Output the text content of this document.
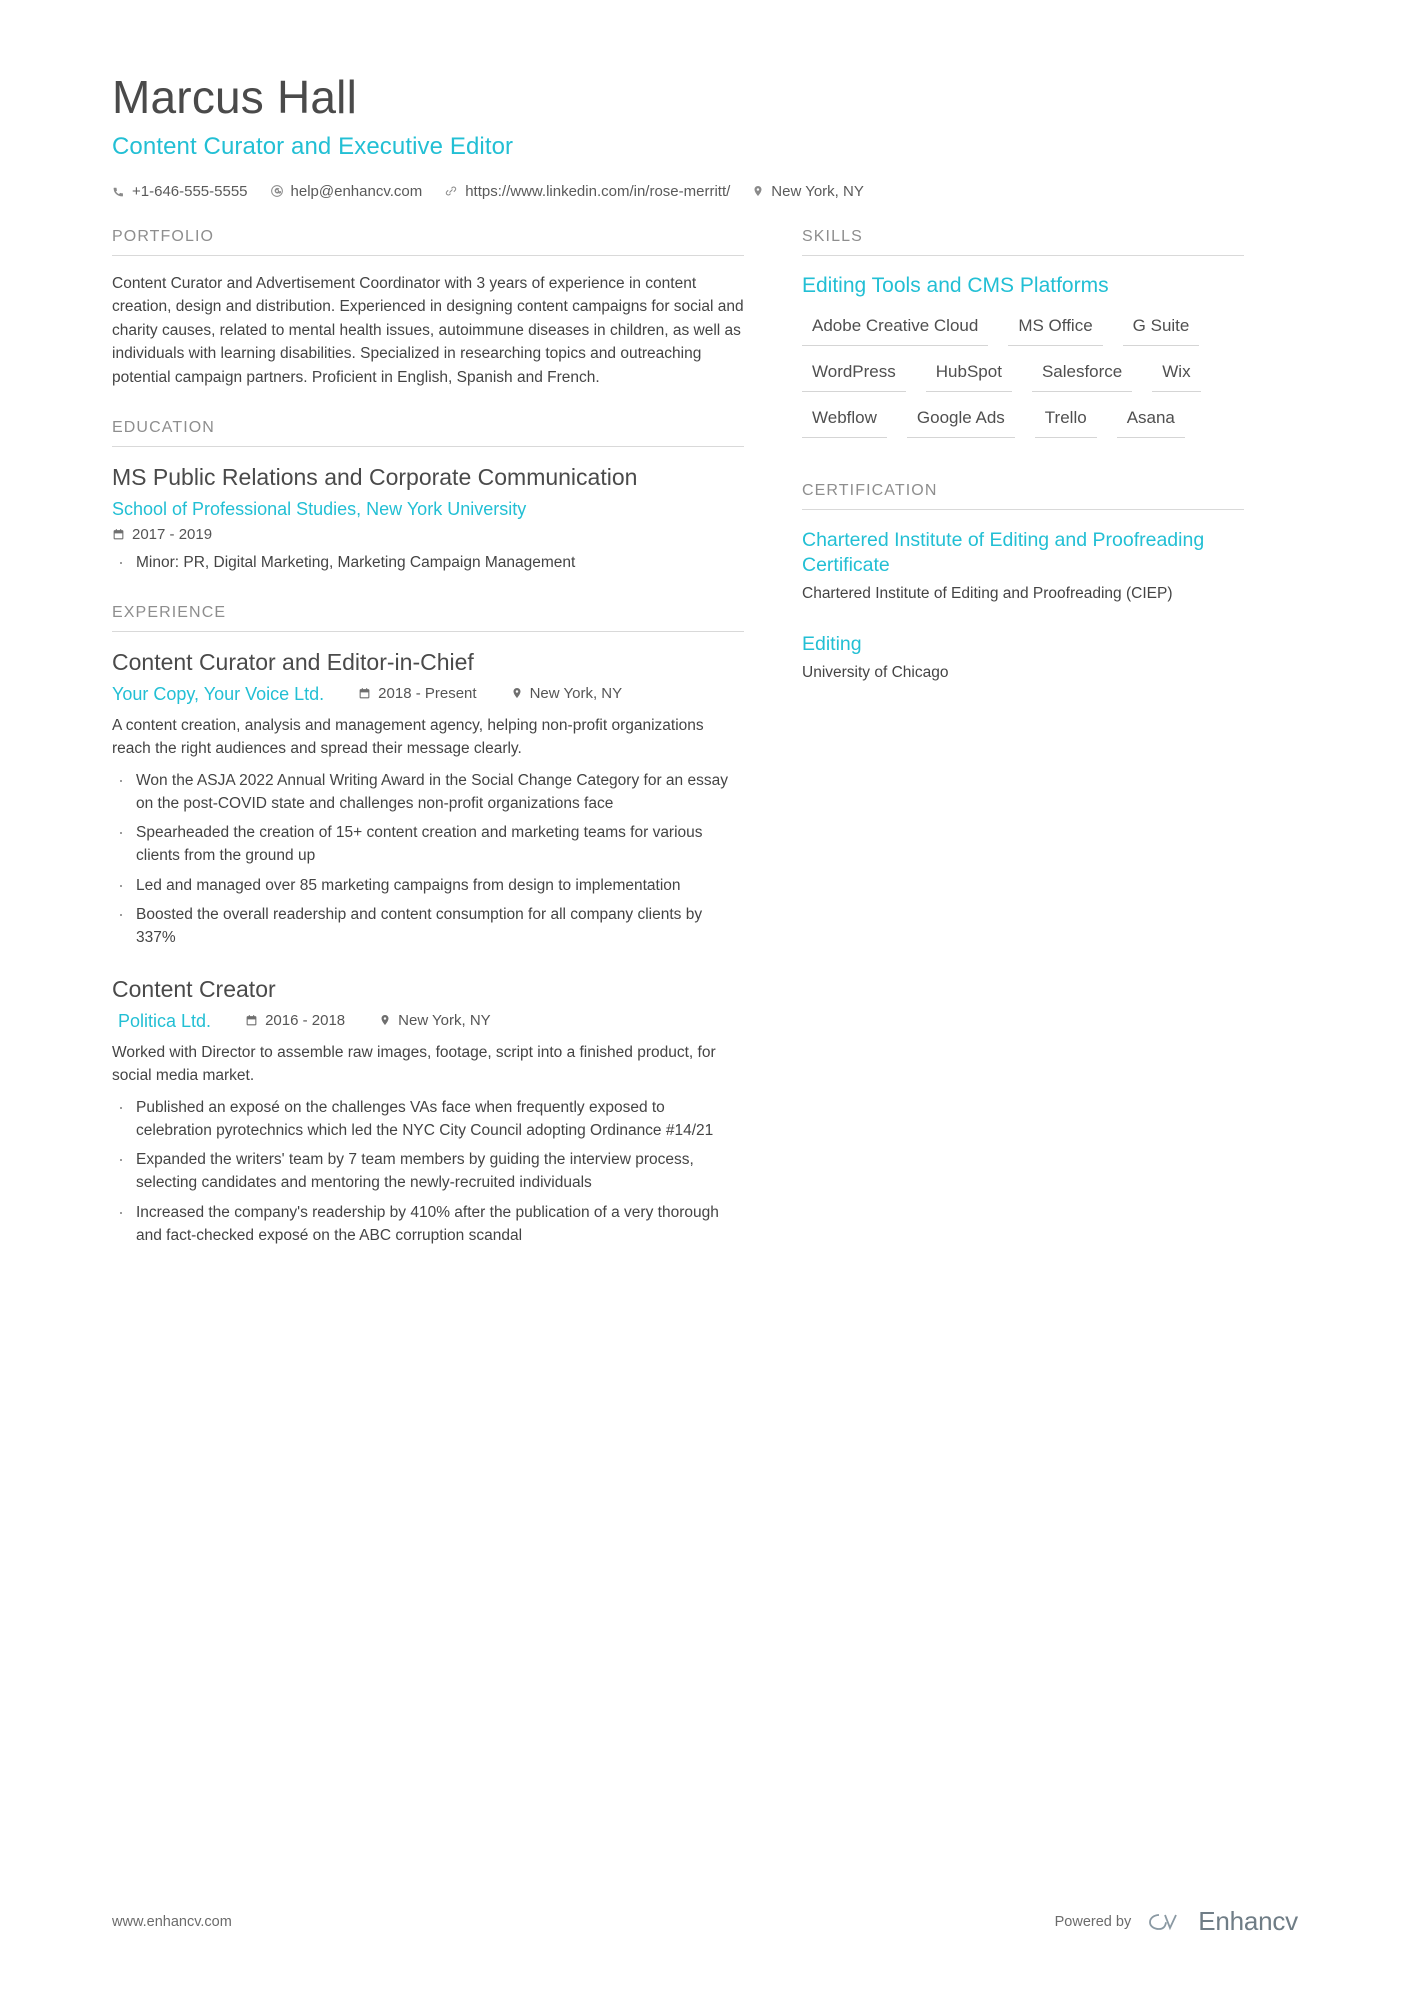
Marcus Hall
Content Curator and Executive Editor
+1-646-555-5555	help@enhancv.com	https://www.linkedin.com/in/rose-merritt/	New York, NY
PORTFOLIO
Content Curator and Advertisement Coordinator with 3 years of experience in content creation, design and distribution. Experienced in designing content campaigns for social and charity causes, related to mental health issues, autoimmune diseases in children, as well as individuals with learning disabilities. Specialized in researching topics and outreaching potential campaign partners. Proficient in English, Spanish and French.
EDUCATION
MS Public Relations and Corporate Communication
School of Professional Studies, New York University
2017 - 2019
· Minor: PR, Digital Marketing, Marketing Campaign Management
EXPERIENCE
Content Curator and Editor-in-Chief
Your Copy, Your Voice Ltd.	2018 - Present	New York, NY
A content creation, analysis and management agency, helping non-profit organizations reach the right audiences and spread their message clearly.
· Won the ASJA 2022 Annual Writing Award in the Social Change Category for an essay on the post-COVID state and challenges non-profit organizations face
· Spearheaded the creation of 15+ content creation and marketing teams for various clients from the ground up
· Led and managed over 85 marketing campaigns from design to implementation
· Boosted the overall readership and content consumption for all company clients by 337%
Content Creator
Politica Ltd.	2016 - 2018	New York, NY
Worked with Director to assemble raw images, footage, script into a finished product, for social media market.
· Published an exposé on the challenges VAs face when frequently exposed to celebration pyrotechnics which led the NYC City Council adopting Ordinance #14/21
· Expanded the writers' team by 7 team members by guiding the interview process, selecting candidates and mentoring the newly-recruited individuals
· Increased the company's readership by 410% after the publication of a very thorough and fact-checked exposé on the ABC corruption scandal
SKILLS
Editing Tools and CMS Platforms
Adobe Creative Cloud	MS Office	G Suite
WordPress	HubSpot	Salesforce	Wix
Webflow	Google Ads	Trello	Asana
CERTIFICATION
Chartered Institute of Editing and Proofreading Certificate
Chartered Institute of Editing and Proofreading (CIEP)
Editing
University of Chicago
www.enhancv.com	Powered by	Enhancv
